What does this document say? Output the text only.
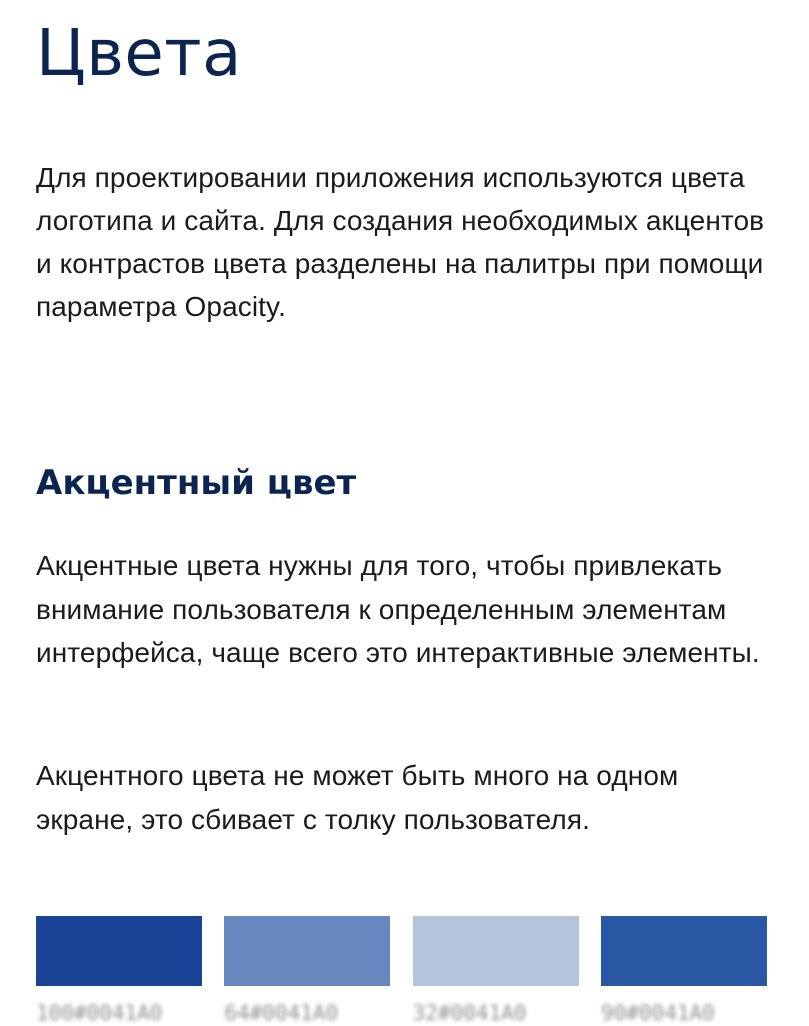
Цвета

Для проектировании приложения используются цвета логотипа и сайта. Для создания необходимых акцентов и контрастов цвета разделены на палитры при помощи параметра Opacity.

Акцентный цвет

Акцентные цвета нужны для того, чтобы привлекать внимание пользователя к определенным элементам интерфейса, чаще всего это интерактивные элементы.

Акцентного цвета не может быть много на одном экране, это сбивает с толку пользователя.

100#0041A0	64#0041A0	32#0041A0	90#0041A0
